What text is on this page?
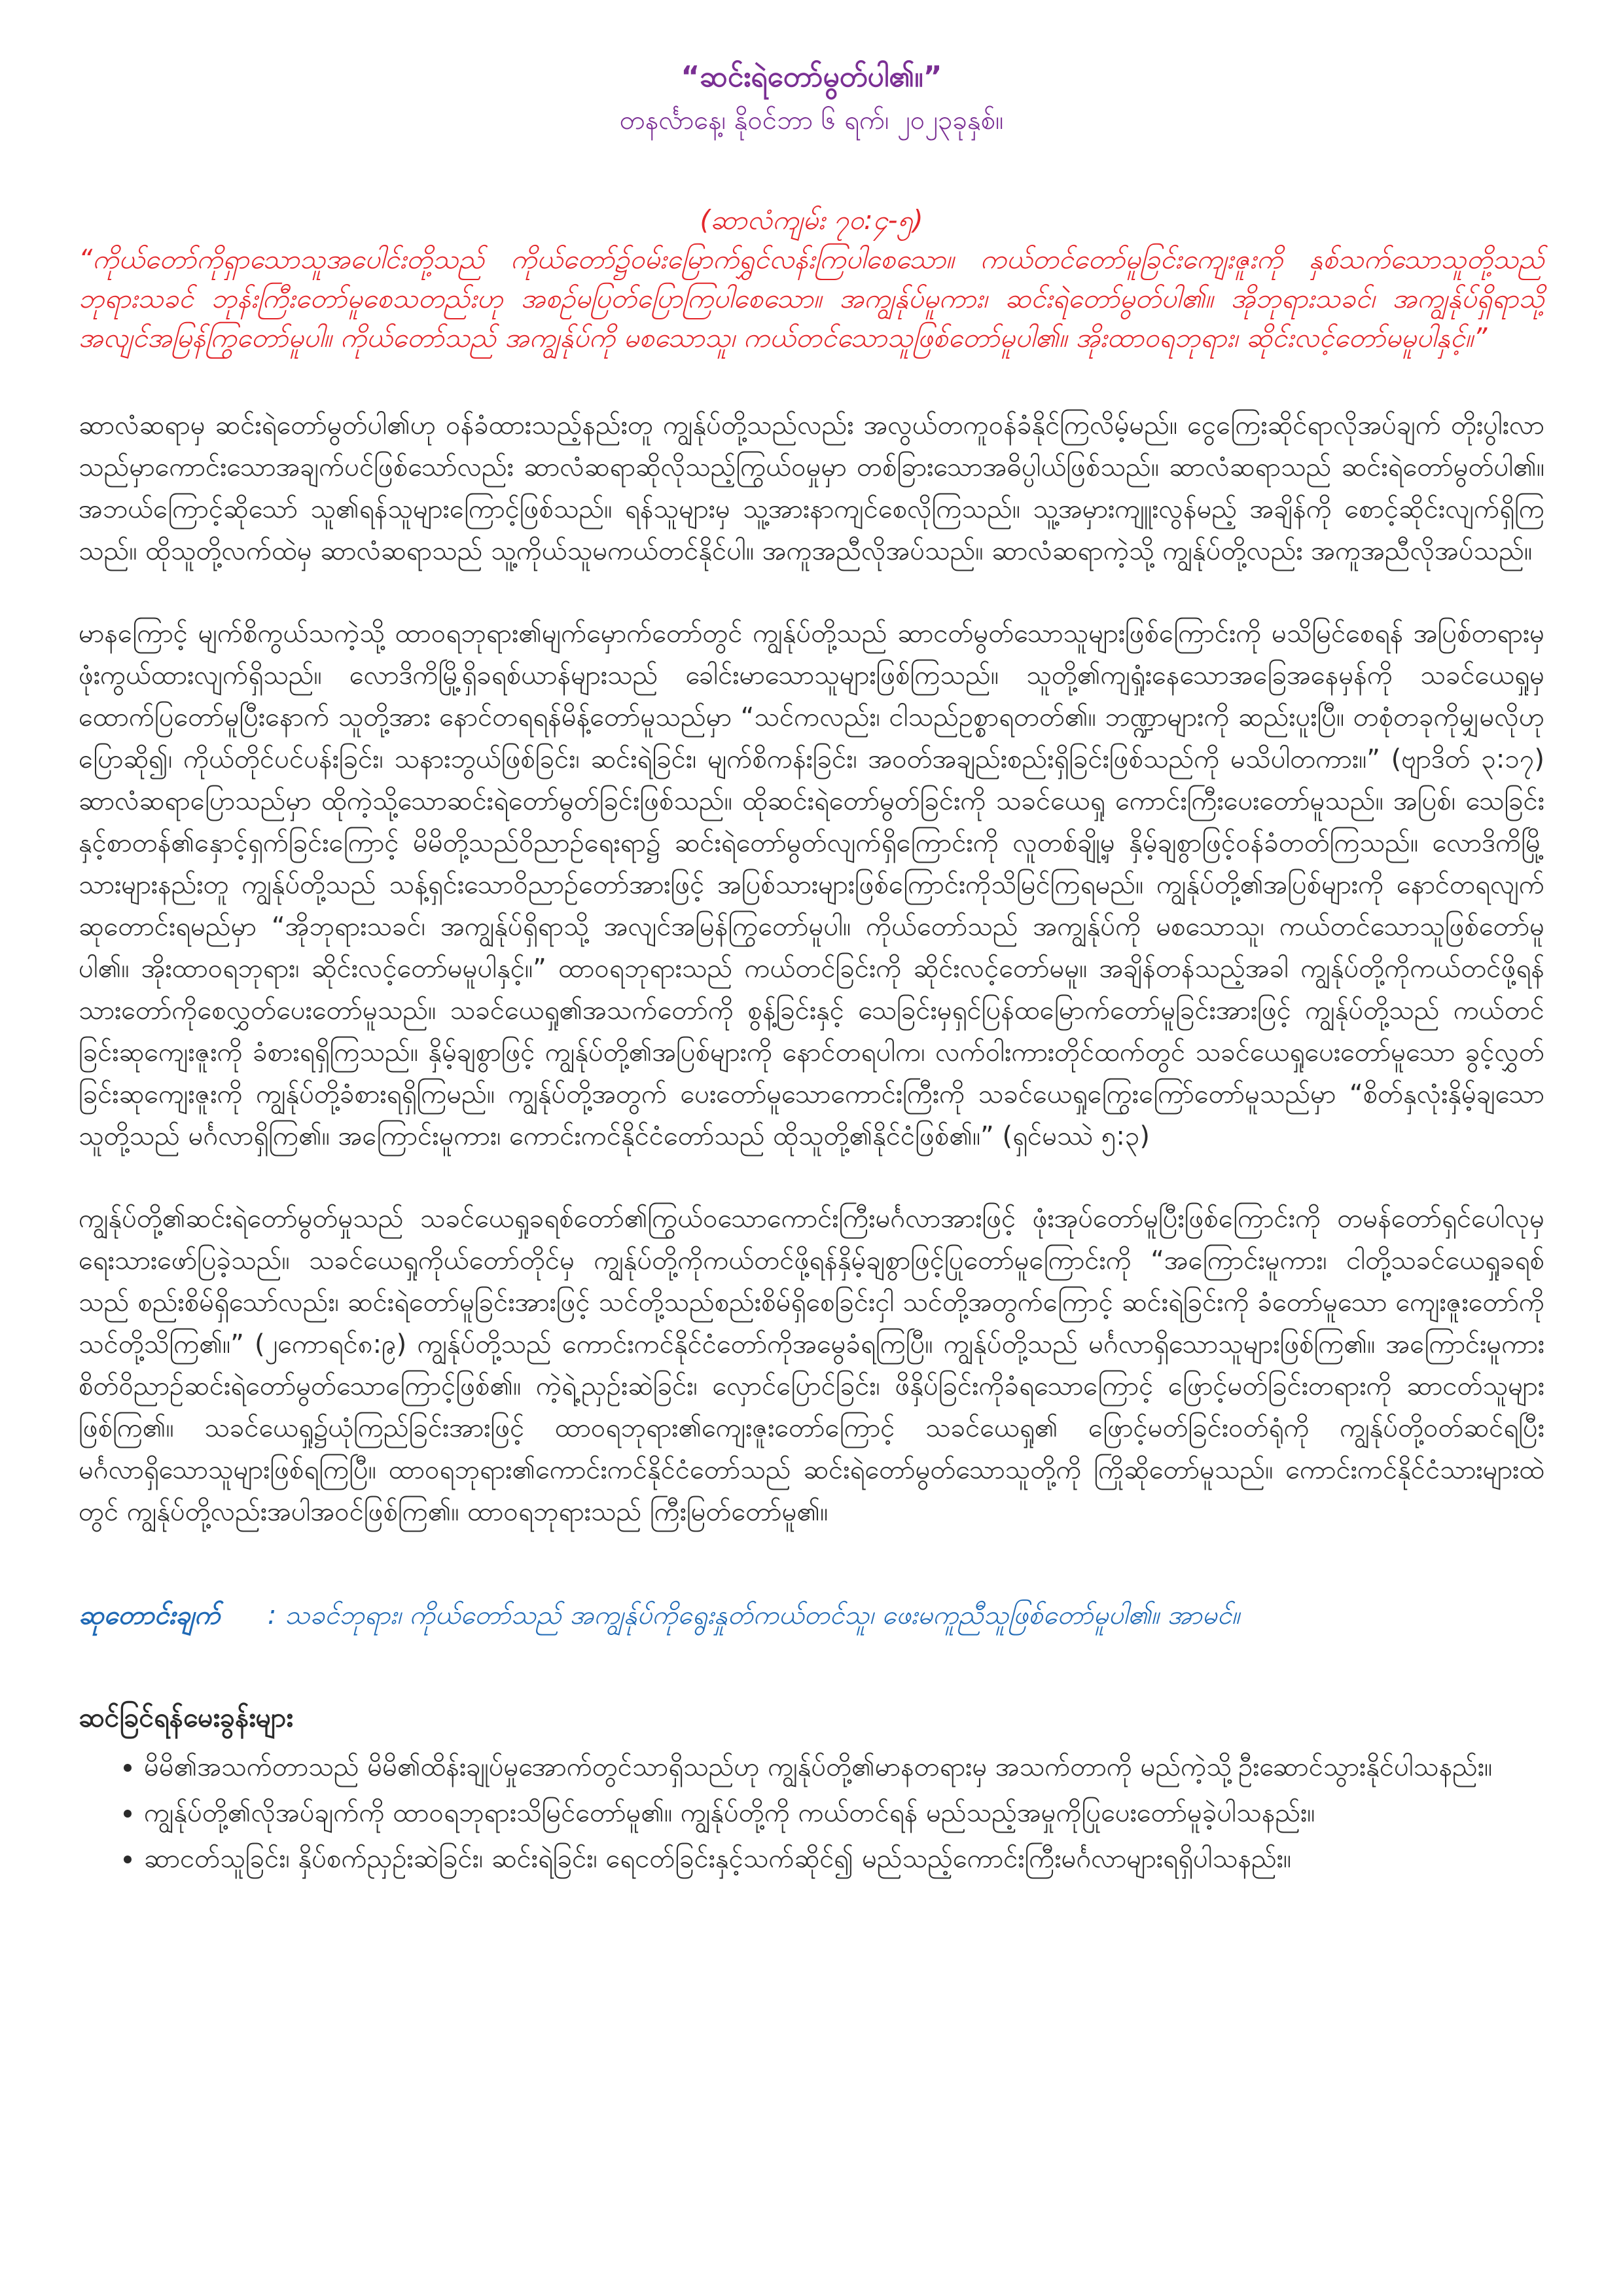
“ဆင်းရဲတော်မွတ်ပါ၏။”

တနင်္လာနေ့၊ နိုဝင်ဘာ ၆ ရက်၊ ၂၀၂၃ခုနှစ်။

(ဆာလံကျမ်း ၇၀:၄-၅)
“ကိုယ်တော်ကိုရှာသောသူအပေါင်းတို့သည် ကိုယ်တော်၌ဝမ်းမြောက်ရွှင်လန်းကြပါစေသော။ ကယ်တင်တော်မူခြင်းကျေးဇူးကို နှစ်သက်သောသူတို့သည် ဘုရားသခင် ဘုန်းကြီးတော်မူစေသတည်းဟု အစဉ်မပြတ်ပြောကြပါစေသော။ အကျွန်ုပ်မူကား၊ ဆင်းရဲတော်မွတ်ပါ၏။ အိုဘုရားသခင်၊ အကျွန်ုပ်ရှိရာသို့ အလျင်အမြန်ကြွတော်မူပါ။ ကိုယ်တော်သည် အကျွန်ုပ်ကို မစသောသူ၊ ကယ်တင်သောသူဖြစ်တော်မူပါ၏။ အိုးထာဝရဘုရား၊ ဆိုင်းလင့်တော်မမူပါနှင့်။”

ဆာလံဆရာမှ ဆင်းရဲတော်မွတ်ပါ၏ဟု ဝန်ခံထားသည့်နည်းတူ ကျွန်ုပ်တို့သည်လည်း အလွယ်တကူဝန်ခံနိုင်ကြလိမ့်မည်။ ငွေကြေးဆိုင်ရာလိုအပ်ချက် တိုးပွါးလာသည်မှာကောင်းသောအချက်ပင်ဖြစ်သော်လည်း ဆာလံဆရာဆိုလိုသည့်ကြွယ်ဝမှုမှာ တစ်ခြားသောအဓိပ္ပါယ်ဖြစ်သည်။ ဆာလံဆရာသည် ဆင်းရဲတော်မွတ်ပါ၏။ အဘယ်ကြောင့်ဆိုသော် သူ၏ရန်သူများကြောင့်ဖြစ်သည်။ ရန်သူများမှ သူ့အားနာကျင်စေလိုကြသည်။ သူ့အမှားကျူးလွန်မည့် အချိန်ကို စောင့်ဆိုင်းလျက်ရှိကြသည်။ ထိုသူတို့လက်ထဲမှ ဆာလံဆရာသည် သူ့ကိုယ်သူမကယ်တင်နိုင်ပါ။ အကူအညီလိုအပ်သည်။ ဆာလံဆရာကဲ့သို့ ကျွန်ုပ်တို့လည်း အကူအညီလိုအပ်သည်။

မာနကြောင့် မျက်စိကွယ်သကဲ့သို့ ထာဝရဘုရား၏မျက်မှောက်တော်တွင် ကျွန်ုပ်တို့သည် ဆာငတ်မွတ်သောသူများဖြစ်ကြောင်းကို မသိမြင်စေရန် အပြစ်တရားမှဖုံးကွယ်ထားလျက်ရှိသည်။ လောဒိကိမြို့ရှိခရစ်ယာန်များသည် ခေါင်းမာသောသူများဖြစ်ကြသည်။ သူတို့၏ကျရှုံးနေသောအခြေအနေမှန်ကို သခင်ယေရှုမှ ထောက်ပြတော်မူပြီးနောက် သူတို့အား နောင်တရရန်မိန့်တော်မူသည်မှာ “သင်ကလည်း၊ ငါသည်ဥစ္စာရတတ်၏။ ဘဏ္ဍာများကို ဆည်းပူးပြီ။ တစုံတခုကိုမျှမလိုဟုပြောဆို၍၊ ကိုယ်တိုင်ပင်ပန်းခြင်း၊ သနားဘွယ်ဖြစ်ခြင်း၊ ဆင်းရဲခြင်း၊ မျက်စိကန်းခြင်း၊ အဝတ်အချည်းစည်းရှိခြင်းဖြစ်သည်ကို မသိပါတကား။” (ဗျာဒိတ် ၃:၁၇) ဆာလံဆရာပြောသည်မှာ ထိုကဲ့သို့သောဆင်းရဲတော်မွတ်ခြင်းဖြစ်သည်။ ထိုဆင်းရဲတော်မွတ်ခြင်းကို သခင်ယေရှု ကောင်းကြီးပေးတော်မူသည်။ အပြစ်၊ သေခြင်းနှင့်စာတန်၏နှောင့်ရှက်ခြင်းကြောင့် မိမိတို့သည်ဝိညာဉ်ရေးရာ၌ ဆင်းရဲတော်မွတ်လျက်ရှိကြောင်းကို လူတစ်ချို့မှ နှိမ့်ချစွာဖြင့်ဝန်ခံတတ်ကြသည်။ လောဒိကိမြို့သားများနည်းတူ ကျွန်ုပ်တို့သည် သန့်ရှင်းသောဝိညာဉ်တော်အားဖြင့် အပြစ်သားများဖြစ်ကြောင်းကိုသိမြင်ကြရမည်။ ကျွန်ုပ်တို့၏အပြစ်များကို နောင်တရလျက်ဆုတောင်းရမည်မှာ “အိုဘုရားသခင်၊ အကျွန်ုပ်ရှိရာသို့ အလျင်အမြန်ကြွတော်မူပါ။ ကိုယ်တော်သည် အကျွန်ုပ်ကို မစသောသူ၊ ကယ်တင်သောသူဖြစ်တော်မူပါ၏။ အိုးထာဝရဘုရား၊ ဆိုင်းလင့်တော်မမူပါနှင့်။” ထာဝရဘုရားသည် ကယ်တင်ခြင်းကို ဆိုင်းလင့်တော်မမူ။ အချိန်တန်သည့်အခါ ကျွန်ုပ်တို့ကိုကယ်တင်ဖို့ရန် သားတော်ကိုစေလွှတ်ပေးတော်မူသည်။ သခင်ယေရှု၏အသက်တော်ကို စွန့်ခြင်းနှင့် သေခြင်းမှရှင်ပြန်ထမြောက်တော်မူခြင်းအားဖြင့် ကျွန်ုပ်တို့သည် ကယ်တင်ခြင်းဆုကျေးဇူးကို ခံစားရရှိကြသည်။ နှိမ့်ချစွာဖြင့် ကျွန်ုပ်တို့၏အပြစ်များကို နောင်တရပါက၊ လက်ဝါးကားတိုင်ထက်တွင် သခင်ယေရှုပေးတော်မူသော ခွင့်လွှတ်ခြင်းဆုကျေးဇူးကို ကျွန်ုပ်တို့ခံစားရရှိကြမည်။ ကျွန်ုပ်တို့အတွက် ပေးတော်မူသောကောင်းကြီးကို သခင်ယေရှုကြွေးကြော်တော်မူသည်မှာ “စိတ်နှလုံးနှိမ့်ချသောသူတို့သည် မင်္ဂလာရှိကြ၏။ အကြောင်းမူကား၊ ကောင်းကင်နိုင်ငံတော်သည် ထိုသူတို့၏နိုင်ငံဖြစ်၏။” (ရှင်မဿဲ ၅:၃)

ကျွန်ုပ်တို့၏ဆင်းရဲတော်မွတ်မှုသည် သခင်ယေရှုခရစ်တော်၏ကြွယ်ဝသောကောင်းကြီးမင်္ဂလာအားဖြင့် ဖုံးအုပ်တော်မူပြီးဖြစ်ကြောင်းကို တမန်တော်ရှင်ပေါလုမှ ရေးသားဖော်ပြခဲ့သည်။ သခင်ယေရှုကိုယ်တော်တိုင်မှ ကျွန်ုပ်တို့ကိုကယ်တင်ဖို့ရန်နှိမ့်ချစွာဖြင့်ပြုတော်မူကြောင်းကို “အကြောင်းမူကား၊ ငါတို့သခင်ယေရှုခရစ်သည် စည်းစိမ်ရှိသော်လည်း၊ ဆင်းရဲတော်မူခြင်းအားဖြင့် သင်တို့သည်စည်းစိမ်ရှိစေခြင်းငှါ သင်တို့အတွက်ကြောင့် ဆင်းရဲခြင်းကို ခံတော်မူသော ကျေးဇူးတော်ကို သင်တို့သိကြ၏။” (၂ကောရင်၈:၉) ကျွန်ုပ်တို့သည် ကောင်းကင်နိုင်ငံတော်ကိုအမွေခံရကြပြီ။ ကျွန်ုပ်တို့သည် မင်္ဂလာရှိသောသူများဖြစ်ကြ၏။ အကြောင်းမူကား စိတ်ဝိညာဉ်ဆင်းရဲတော်မွတ်သောကြောင့်ဖြစ်၏။ ကဲ့ရဲ့ညှဉ်းဆဲခြင်း၊ လှောင်ပြောင်ခြင်း၊ ဖိနှိပ်ခြင်းကိုခံရသောကြောင့် ဖြောင့်မတ်ခြင်းတရားကို ဆာငတ်သူများဖြစ်ကြ၏။ သခင်ယေရှု၌ယုံကြည်ခြင်းအားဖြင့် ထာဝရဘုရား၏ကျေးဇူးတော်ကြောင့် သခင်ယေရှု၏ ဖြောင့်မတ်ခြင်းဝတ်ရုံကို ကျွန်ုပ်တို့ဝတ်ဆင်ရပြီး မင်္ဂလာရှိသောသူများဖြစ်ရကြပြီ။ ထာဝရဘုရား၏ကောင်းကင်နိုင်ငံတော်သည် ဆင်းရဲတော်မွတ်သောသူတို့ကို ကြိုဆိုတော်မူသည်။ ကောင်းကင်နိုင်ငံသားများထဲတွင် ကျွန်ုပ်တို့လည်းအပါအဝင်ဖြစ်ကြ၏။ ထာဝရဘုရားသည် ကြီးမြတ်တော်မူ၏။

ဆုတောင်းချက် : သခင်ဘုရား၊ ကိုယ်တော်သည် အကျွန်ုပ်ကိုရွေးနှုတ်ကယ်တင်သူ၊ ဖေးမကူညီသူဖြစ်တော်မူပါ၏။ အာမင်။
ဆင်ခြင်ရန်မေးခွန်းများ
• မိမိ၏အသက်တာသည် မိမိ၏ထိန်းချုပ်မှုအောက်တွင်သာရှိသည်ဟု ကျွန်ုပ်တို့၏မာနတရားမှ အသက်တာကို မည်ကဲ့သို့ဦးဆောင်သွားနိုင်ပါသနည်း။
• ကျွန်ုပ်တို့၏လိုအပ်ချက်ကို ထာဝရဘုရားသိမြင်တော်မူ၏။ ကျွန်ုပ်တို့ကို ကယ်တင်ရန် မည်သည့်အမှုကိုပြုပေးတော်မူခဲ့ပါသနည်း။
• ဆာငတ်သူခြင်း၊ နှိပ်စက်ညှဉ်းဆဲခြင်း၊ ဆင်းရဲခြင်း၊ ရေငတ်ခြင်းနှင့်သက်ဆိုင်၍ မည်သည့်ကောင်းကြီးမင်္ဂလာများရရှိပါသနည်း။
